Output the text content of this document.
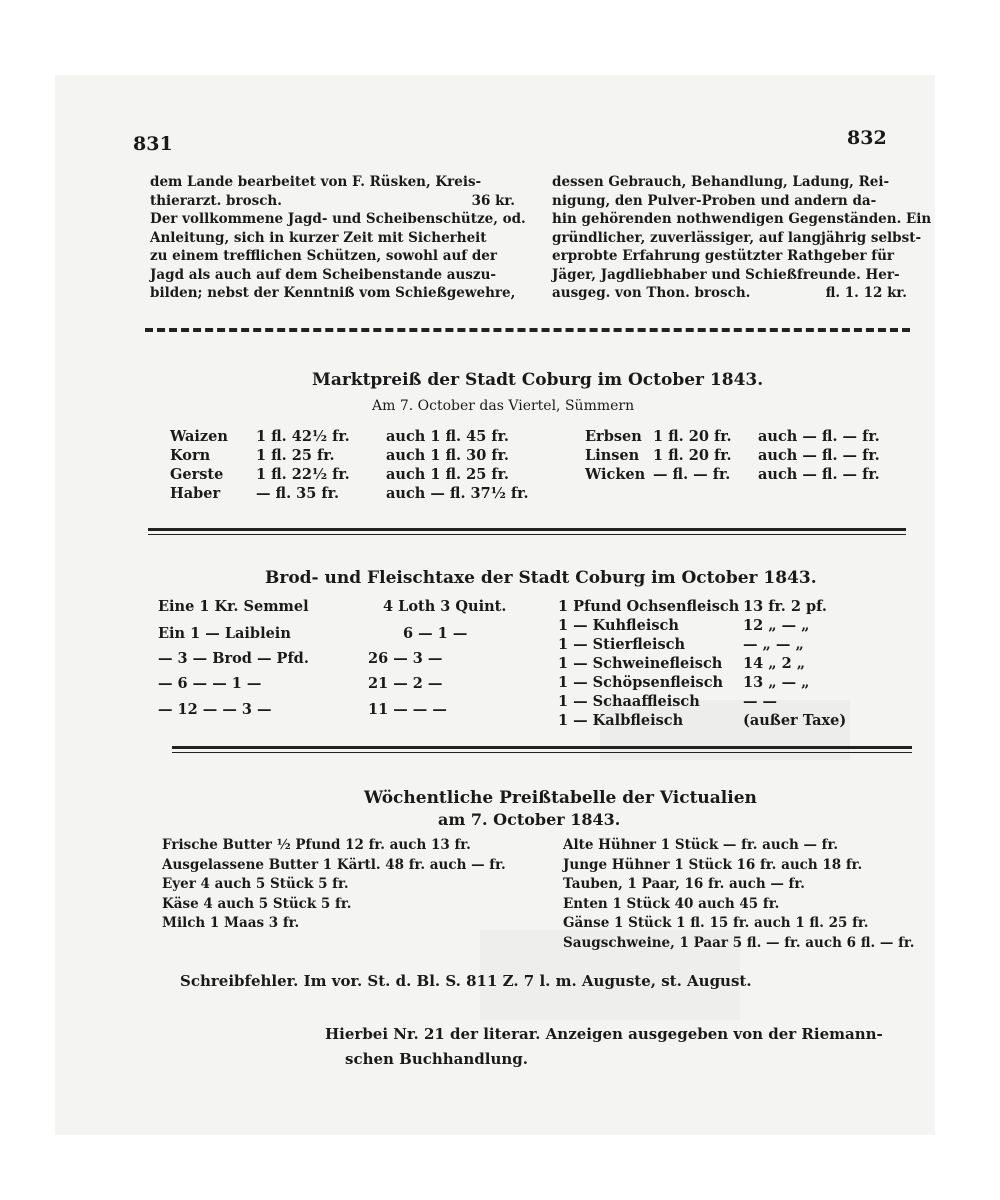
831	832
dem Lande bearbeitet von F. Rüsken, Kreis-
thierarzt. brosch.	36 kr.
Der vollkommene Jagd- und Scheibenschütze, od.
Anleitung, sich in kurzer Zeit mit Sicherheit
zu einem trefflichen Schützen, sowohl auf der
Jagd als auch auf dem Scheibenstande auszu-
bilden; nebst der Kenntniß vom Schießgewehre,
dessen Gebrauch, Behandlung, Ladung, Rei-
nigung, den Pulver-Proben und andern da-
hin gehörenden nothwendigen Gegenständen. Ein
gründlicher, zuverlässiger, auf langjährig selbst-
erprobte Erfahrung gestützter Rathgeber für
Jäger, Jagdliebhaber und Schießfreunde. Her-
ausgeg. von Thon. brosch.	fl. 1. 12 kr.
Marktpreiß der Stadt Coburg im October 1843.
Am 7. October das Viertel, Sümmern
Waizen 1 fl. 42½ fr.	auch 1 fl. 45 fr.
Korn	1 fl. 25 fr.	auch 1 fl. 30 fr.
Gerste 1 fl. 22½ fr.	auch 1 fl. 25 fr.
Haber — fl. 35 fr.	auch — fl. 37½ fr.
Erbsen 1 fl. 20 fr. auch — fl. — fr.
Linsen 1 fl. 20 fr. auch — fl. — fr.
Wicken — fl. — fr. auch — fl. — fr.
Brod- und Fleischtaxe der Stadt Coburg im October 1843.
Eine 1 Kr. Semmel	4 Loth 3 Quint.
Ein 1 — Laiblein	6 — 1 —
— 3 — Brod — Pfd.	26 — 3 —
— 6 — — 1 —	21 — 2 —
— 12 — — 3 —	11 — — —
1 Pfund Ochsenfleisch 13 fr. 2 pf.
1 — Kuhfleisch	12 „ — „
1 — Stierfleisch	— „ — „
1 — Schweinefleisch 14 „ 2 „
1 — Schöpsenfleisch 13 „ — „
1 — Schaaffleisch	— —
1 — Kalbfleisch	(außer Taxe)
Wöchentliche Preißtabelle der Victualien
am 7. October 1843.
Frische Butter ½ Pfund 12 fr. auch 13 fr.
Ausgelassene Butter 1 Kärtl. 48 fr. auch — fr.
Eyer 4 auch 5 Stück 5 fr.
Käse 4 auch 5 Stück 5 fr.
Milch 1 Maas 3 fr.
Alte Hühner 1 Stück — fr. auch — fr.
Junge Hühner 1 Stück 16 fr. auch 18 fr.
Tauben, 1 Paar, 16 fr. auch — fr.
Enten 1 Stück 40 auch 45 fr.
Gänse 1 Stück 1 fl. 15 fr. auch 1 fl. 25 fr.
Saugschweine, 1 Paar 5 fl. — fr. auch 6 fl. — fr.
Schreibfehler. Im vor. St. d. Bl. S. 811 Z. 7 l. m. Auguste, st. August.
Hierbei Nr. 21 der literar. Anzeigen ausgegeben von der Riemann-
schen Buchhandlung.
